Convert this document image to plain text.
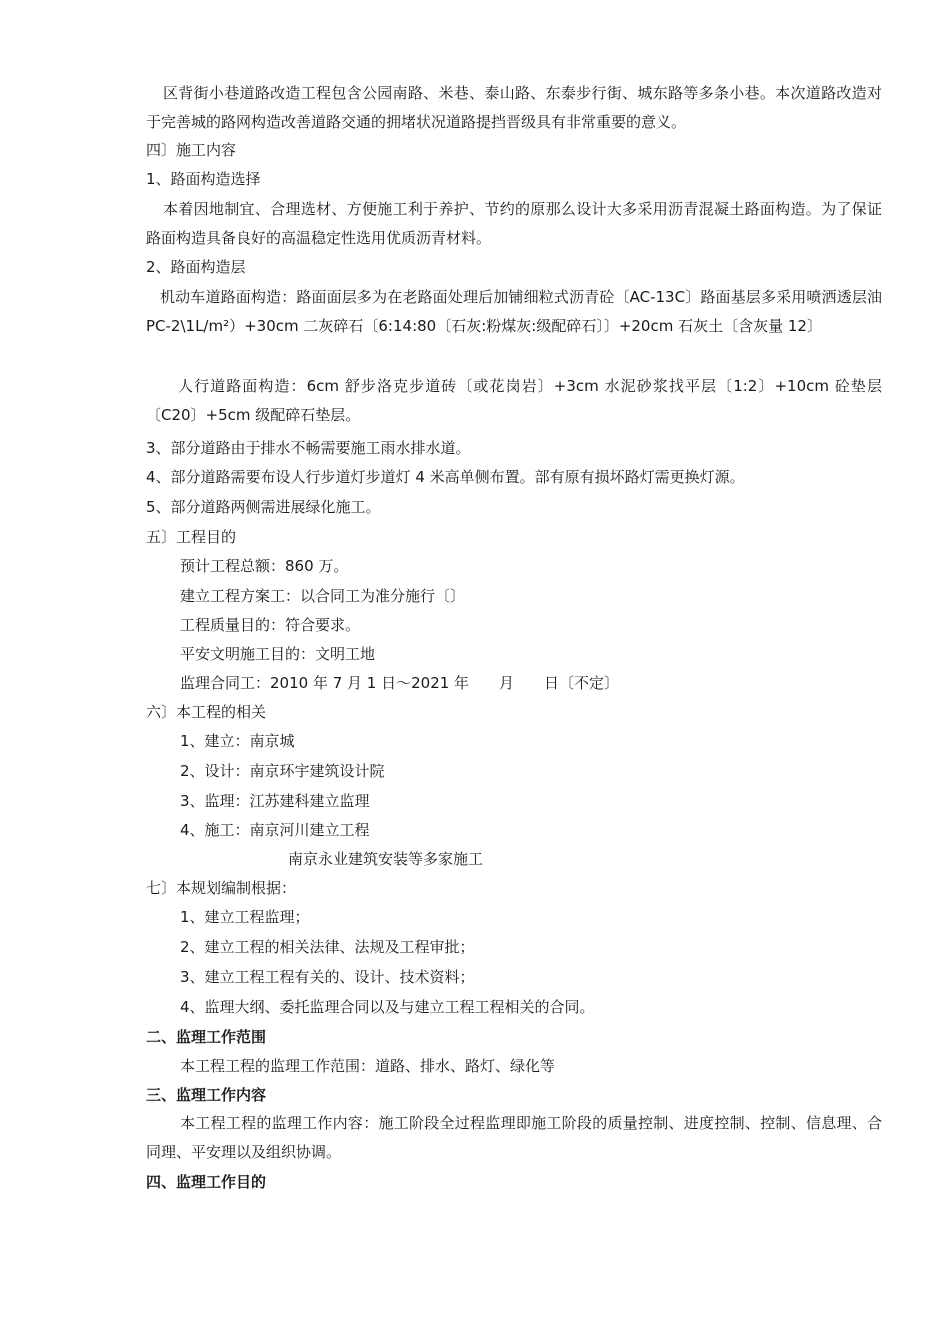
区背街小巷道路改造工程包含公园南路、米巷、泰山路、东泰步行街、城东路等多条小巷。本次道路改造对于完善城的路网构造改善道路交通的拥堵状况道路提挡晋级具有非常重要的意义。
四〕施工内容
1、路面构造选择
本着因地制宜、合理选材、方便施工利于养护、节约的原那么设计大多采用沥青混凝土路面构造。为了保证路面构造具备良好的高温稳定性选用优质沥青材料。
2、路面构造层
机动车道路面构造：路面面层多为在老路面处理后加铺细粒式沥青砼〔AC-13C〕路面基层多采用喷洒透层油 PC-2\1L/m²）+30cm 二灰碎石〔6:14:80〔石灰:粉煤灰:级配碎石〕〕+20cm 石灰土〔含灰量 12〕
人行道路面构造：6cm 舒步洛克步道砖〔或花岗岩〕+3cm 水泥砂浆找平层〔1:2〕+10cm 砼垫层〔C20〕+5cm 级配碎石垫层。
3、部分道路由于排水不畅需要施工雨水排水道。
4、部分道路需要布设人行步道灯步道灯 4 米高单侧布置。部有原有损坏路灯需更换灯源。
5、部分道路两侧需进展绿化施工。
五〕工程目的
预计工程总额：860 万。
建立工程方案工：以合同工为准分施行〔〕
工程质量目的：符合要求。
平安文明施工目的：文明工地
监理合同工：2010 年 7 月 1 日～2021 年　　月　　日〔不定〕
六〕本工程的相关
1、建立：南京城
2、设计：南京环宇建筑设计院
3、监理：江苏建科建立监理
4、施工：南京河川建立工程
南京永业建筑安装等多家施工
七〕本规划编制根据：
1、建立工程监理；
2、建立工程的相关法律、法规及工程审批；
3、建立工程工程有关的、设计、技术资料；
4、监理大纲、委托监理合同以及与建立工程工程相关的合同。
二、监理工作范围
本工程工程的监理工作范围：道路、排水、路灯、绿化等
三、监理工作内容
本工程工程的监理工作内容：施工阶段全过程监理即施工阶段的质量控制、进度控制、控制、信息理、合同理、平安理以及组织协调。
四、监理工作目的
